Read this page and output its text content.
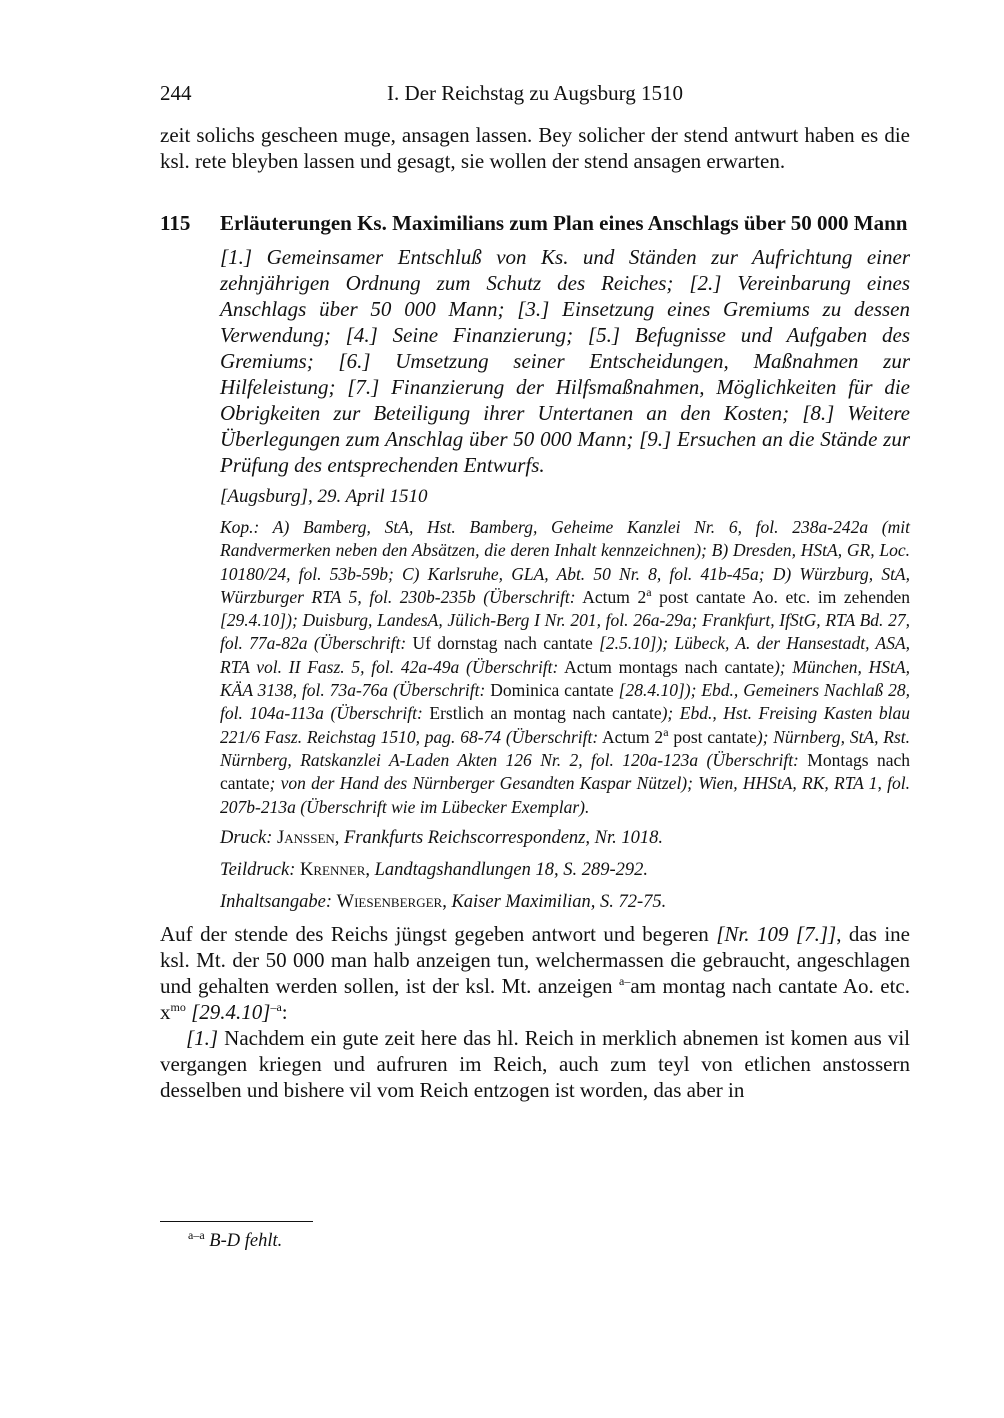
244	I. Der Reichstag zu Augsburg 1510
zeit solichs gescheen muge, ansagen lassen. Bey solicher der stend antwurt haben es die ksl. rete bleyben lassen und gesagt, sie wollen der stend ansagen erwarten.
115 Erläuterungen Ks. Maximilians zum Plan eines Anschlags über 50 000 Mann
[1.] Gemeinsamer Entschluß von Ks. und Ständen zur Aufrichtung einer zehnjährigen Ordnung zum Schutz des Reiches; [2.] Vereinbarung eines Anschlags über 50 000 Mann; [3.] Einsetzung eines Gremiums zu dessen Verwendung; [4.] Seine Finanzierung; [5.] Befugnisse und Aufgaben des Gremiums; [6.] Umsetzung seiner Entscheidungen, Maßnahmen zur Hilfeleistung; [7.] Finanzierung der Hilfsmaßnahmen, Möglichkeiten für die Obrigkeiten zur Beteiligung ihrer Untertanen an den Kosten; [8.] Weitere Überlegungen zum Anschlag über 50 000 Mann; [9.] Ersuchen an die Stände zur Prüfung des entsprechenden Entwurfs.
[Augsburg], 29. April 1510
Kop.: A) Bamberg, StA, Hst. Bamberg, Geheime Kanzlei Nr. 6, fol. 238a-242a (mit Randvermerken neben den Absätzen, die deren Inhalt kennzeichnen); B) Dresden, HStA, GR, Loc. 10180/24, fol. 53b-59b; C) Karlsruhe, GLA, Abt. 50 Nr. 8, fol. 41b-45a; D) Würzburg, StA, Würzburger RTA 5, fol. 230b-235b (Überschrift: Actum 2$^a$ post cantate Ao. etc. im zehenden [29.4.10]); Duisburg, LandesA, Jülich-Berg I Nr. 201, fol. 26a-29a; Frankfurt, IfStG, RTA Bd. 27, fol. 77a-82a (Überschrift: Uf dornstag nach cantate [2.5.10]); Lübeck, A. der Hansestadt, ASA, RTA vol. II Fasz. 5, fol. 42a-49a (Überschrift: Actum montags nach cantate); München, HStA, KÄA 3138, fol. 73a-76a (Überschrift: Dominica cantate [28.4.10]); Ebd., Gemeiners Nachlaß 28, fol. 104a-113a (Überschrift: Erstlich an montag nach cantate); Ebd., Hst. Freising Kasten blau 221/6 Fasz. Reichstag 1510, pag. 68-74 (Überschrift: Actum 2$^a$ post cantate); Nürnberg, StA, Rst. Nürnberg, Ratskanzlei A-Laden Akten 126 Nr. 2, fol. 120a-123a (Überschrift: Montags nach cantate; von der Hand des Nürnberger Gesandten Kaspar Nützel); Wien, HHStA, RK, RTA 1, fol. 207b-213a (Überschrift wie im Lübecker Exemplar).
Druck: Janssen, Frankfurts Reichscorrespondenz, Nr. 1018.
Teildruck: Krenner, Landtagshandlungen 18, S. 289-292.
Inhaltsangabe: Wiesenberger, Kaiser Maximilian, S. 72-75.

Auf der stende des Reichs jüngst gegeben antwort und begeren [Nr. 109 [7.]], das ine ksl. Mt. der 50 000 man halb anzeigen tun, welchermassen die gebraucht, angeschlagen und gehalten werden sollen, ist der ksl. Mt. anzeigen $^{a-}$am montag nach cantate Ao. etc. $x^{mo}$ $[29.4.10]^{-a}$:

[1.] Nachdem ein gute zeit here das hl. Reich in merklich abnemen ist komen aus vil vergangen kriegen und aufruren im Reich, auch zum teyl von etlichen anstossern desselben und bishere vil vom Reich entzogen ist worden, das aber in

$^{a-a}$ B-D fehlt.
